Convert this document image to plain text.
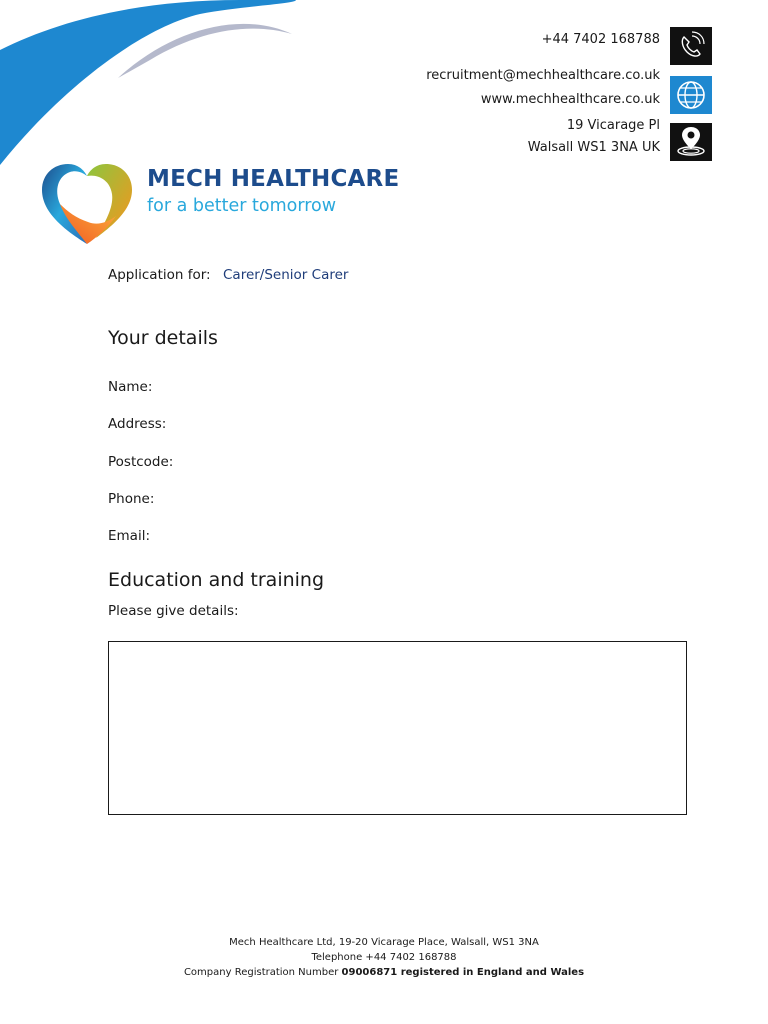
+44 7402 168788
recruitment@mechhealthcare.co.uk
www.mechhealthcare.co.uk
19 Vicarage Pl
Walsall WS1 3NA UK
MECH HEALTHCARE
for a better tomorrow
Application for: Carer/Senior Carer
Your details
Name:
Address:
Postcode:
Phone:
Email:
Education and training
Please give details:
Mech Healthcare Ltd, 19-20 Vicarage Place, Walsall, WS1 3NA
Telephone +44 7402 168788
Company Registration Number 09006871 registered in England and Wales
